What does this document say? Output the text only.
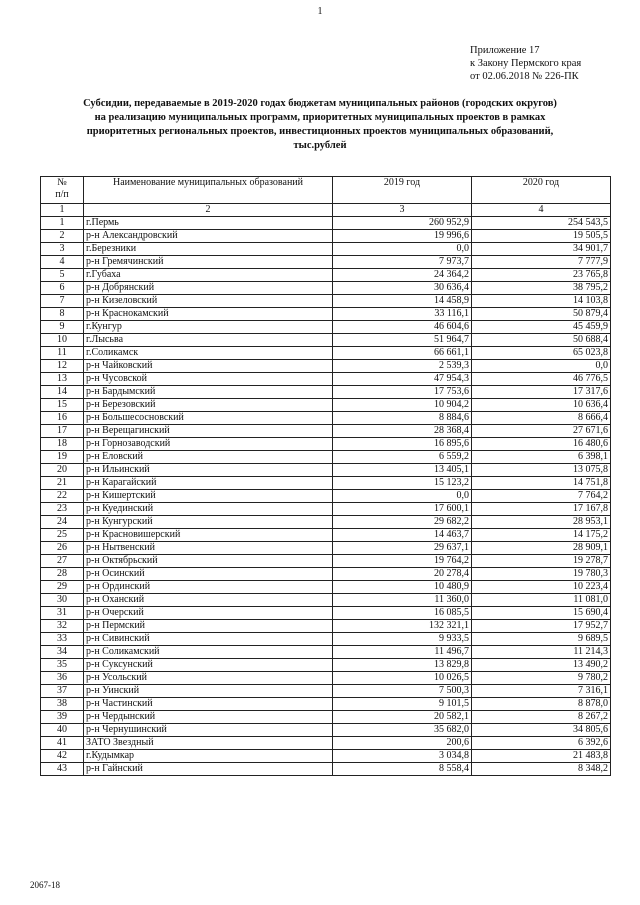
1
Приложение 17
к Закону Пермского края
от 02.06.2018 № 226-ПК
Субсидии, передаваемые в 2019-2020 годах бюджетам муниципальных районов (городских округов)
на реализацию муниципальных программ, приоритетных муниципальных проектов в рамках
приоритетных региональных проектов, инвестиционных проектов муниципальных образований,
тыс.рублей
№
п/п	Наименование муниципальных образований	2019 год	2020 год
1	2	3	4
1	г.Пермь	260 952,9	254 543,5
2	р-н Александровский	19 996,6	19 505,5
3	г.Березники	0,0	34 901,7
4	р-н Гремячинский	7 973,7	7 777,9
5	г.Губаха	24 364,2	23 765,8
6	р-н Добрянский	30 636,4	38 795,2
7	р-н Кизеловский	14 458,9	14 103,8
8	р-н Краснокамский	33 116,1	50 879,4
9	г.Кунгур	46 604,6	45 459,9
10	г.Лысьва	51 964,7	50 688,4
11	г.Соликамск	66 661,1	65 023,8
12	р-н Чайковский	2 539,3	0,0
13	р-н Чусовской	47 954,3	46 776,5
14	р-н Бардымский	17 753,6	17 317,6
15	р-н Березовский	10 904,2	10 636,4
16	р-н Большесосновский	8 884,6	8 666,4
17	р-н Верещагинский	28 368,4	27 671,6
18	р-н Горнозаводский	16 895,6	16 480,6
19	р-н Еловский	6 559,2	6 398,1
20	р-н Ильинский	13 405,1	13 075,8
21	р-н Карагайский	15 123,2	14 751,8
22	р-н Кишертский	0,0	7 764,2
23	р-н Куединский	17 600,1	17 167,8
24	р-н Кунгурский	29 682,2	28 953,1
25	р-н Красновишерский	14 463,7	14 175,2
26	р-н Нытвенский	29 637,1	28 909,1
27	р-н Октябрьский	19 764,2	19 278,7
28	р-н Осинский	20 278,4	19 780,3
29	р-н Ординский	10 480,9	10 223,4
30	р-н Оханский	11 360,0	11 081,0
31	р-н Очерский	16 085,5	15 690,4
32	р-н Пермский	132 321,1	17 952,7
33	р-н Сивинский	9 933,5	9 689,5
34	р-н Соликамский	11 496,7	11 214,3
35	р-н Суксунский	13 829,8	13 490,2
36	р-н Усольский	10 026,5	9 780,2
37	р-н Уинский	7 500,3	7 316,1
38	р-н Частинский	9 101,5	8 878,0
39	р-н Чердынский	20 582,1	8 267,2
40	р-н Чернушинский	35 682,0	34 805,6
41	ЗАТО Звездный	200,6	6 392,6
42	г.Кудымкар	3 034,8	21 483,8
43	р-н Гайнский	8 558,4	8 348,2
2067-18
